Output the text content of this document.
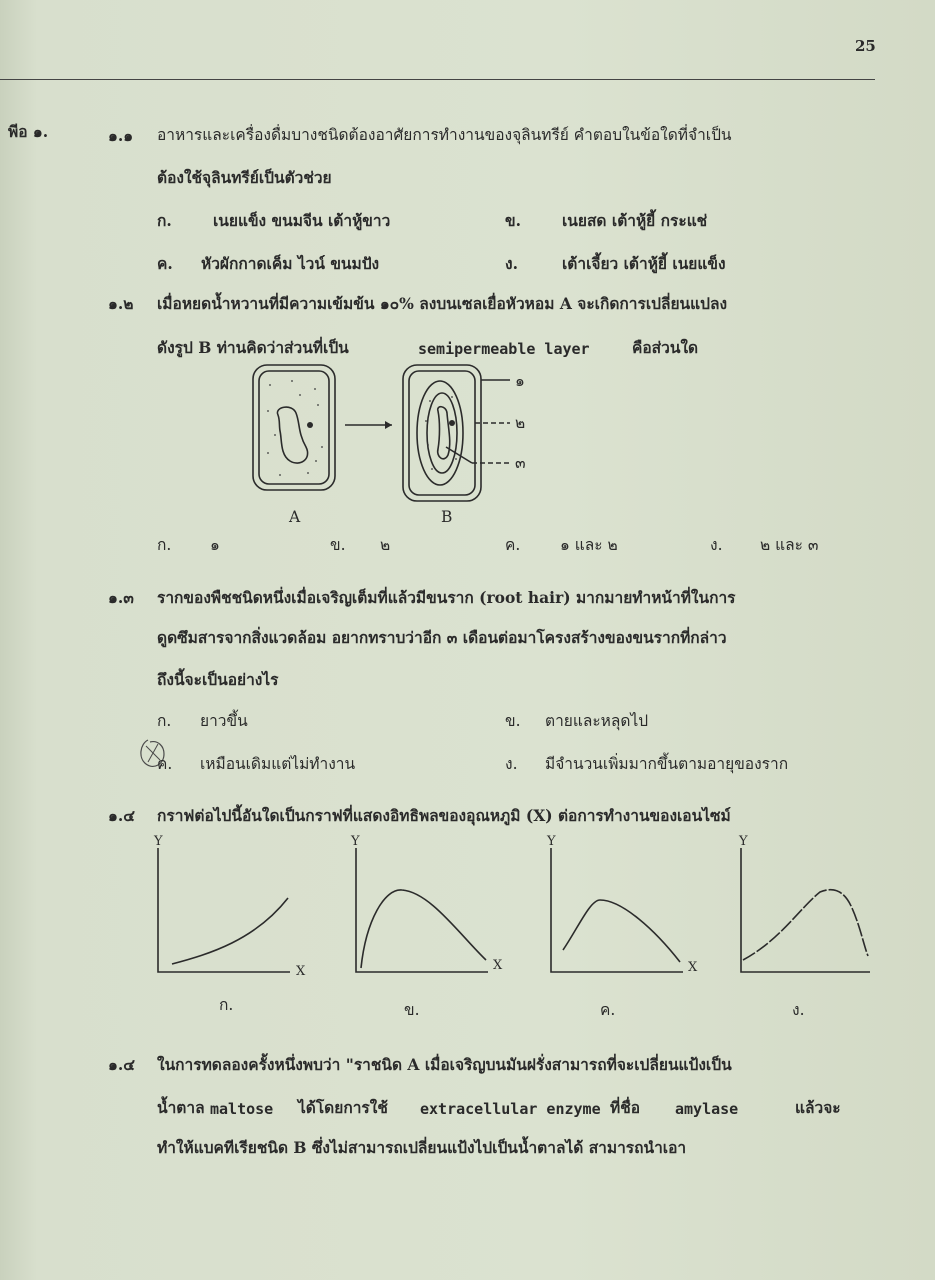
25
พีอ ๑.	๑.๑ อาหารและเครื่องดื่มบางชนิดต้องอาศัยการทำงานของจุลินทรีย์ คำตอบในข้อใดที่จำเป็น
ต้องใช้จุลินทรีย์เป็นตัวช่วย
ก.	เนยแข็ง ขนมจีน เต้าหู้ขาว	ข.	เนยสด เต้าหู้ยี้ กระแช่
ค. หัวผักกาดเค็ม ไวน์ ขนมปัง	ง.	เต้าเจี้ยว เต้าหู้ยี้ เนยแข็ง
๑.๒ เมื่อหยดน้ำหวานที่มีความเข้มข้น ๑๐% ลงบนเซลเยื่อหัวหอม A จะเกิดการเปลี่ยนแปลง
ดังรูป B ท่านคิดว่าส่วนที่เป็น	semipermeable layer	คือส่วนใด
๑
๒
๓
A	B
ก. ๑	ข. ๒	ค.	๑ และ ๒	ง. ๒ และ ๓
๑.๓ รากของพืชชนิดหนึ่งเมื่อเจริญเต็มที่แล้วมีขนราก (root hair) มากมายทำหน้าที่ในการ
ดูดซึมสารจากสิ่งแวดล้อม อยากทราบว่าอีก ๓ เดือนต่อมาโครงสร้างของขนรากที่กล่าว
ถึงนี้จะเป็นอย่างไร
ก. ยาวขึ้น	ข. ตายและหลุดไป
ค. เหมือนเดิมแต่ไม่ทำงาน	ง. มีจำนวนเพิ่มมากขึ้นตามอายุของราก
๑.๔ กราฟต่อไปนี้อันใดเป็นกราฟที่แสดงอิทธิพลของอุณหภูมิ (X) ต่อการทำงานของเอนไซม์
Y
X
Y
X
Y
X
Y
ก.	ข.	ค.	ง.
๑.๔ ในการทดลองครั้งหนึ่งพบว่า "ราชนิด A เมื่อเจริญบนมันฝรั่งสามารถที่จะเปลี่ยนแป้งเป็น
น้ำตาล maltose ได้โดยการใช้ extracellular enzyme ที่ชื่อ amylase	แล้วจะ
ทำให้แบคทีเรียชนิด B ซึ่งไม่สามารถเปลี่ยนแป้งไปเป็นน้ำตาลได้ สามารถนำเอา
